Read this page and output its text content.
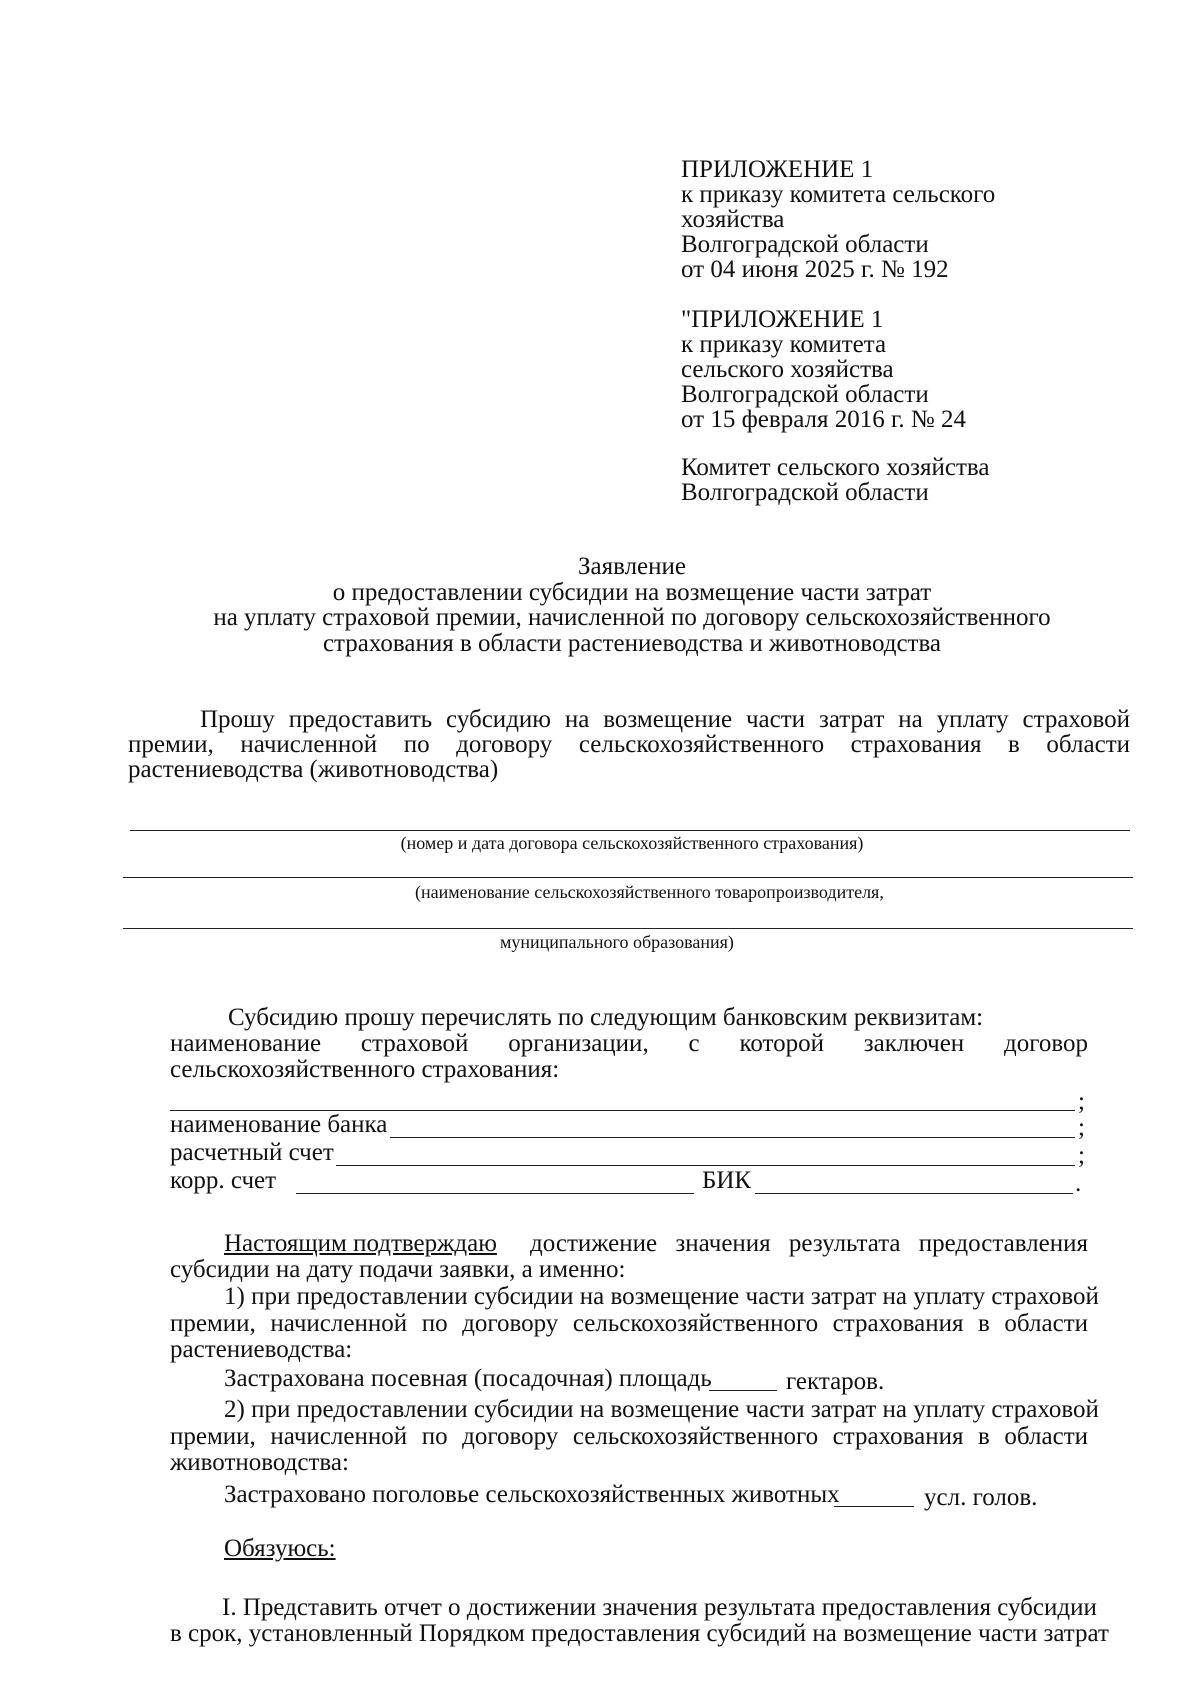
ПРИЛОЖЕНИЕ 1
к приказу комитета сельского
хозяйства
Волгоградской области
от 04 июня 2025 г. № 192
"ПРИЛОЖЕНИЕ 1
к приказу комитета
сельского хозяйства
Волгоградской области
от 15 февраля 2016 г. № 24
Комитет сельского хозяйства
Волгоградской области
Заявление
о предоставлении субсидии на возмещение части затрат
на уплату страховой премии, начисленной по договору сельскохозяйственного
страхования в области растениеводства и животноводства
Прошу предоставить субсидию на возмещение части затрат на уплату страховой
премии, начисленной по договору сельскохозяйственного страхования в области
растениеводства (животноводства)
(номер и дата договора сельскохозяйственного страхования)
(наименование сельскохозяйственного товаропроизводителя,
муниципального образования)
Субсидию прошу перечислять по следующим банковским реквизитам:
наименование страховой организации, с которой заключен договор
сельскохозяйственного страхования:
;
наименование банка	;
расчетный счет	;
корр. счет	БИК	.
Настоящим подтверждаю достижение значения результата предоставления
субсидии на дату подачи заявки, а именно:
1) при предоставлении субсидии на возмещение части затрат на уплату страховой
премии, начисленной по договору сельскохозяйственного страхования в области
растениеводства:
Застрахована посевная (посадочная) площадь	гектаров.
2) при предоставлении субсидии на возмещение части затрат на уплату страховой
премии, начисленной по договору сельскохозяйственного страхования в области
животноводства:
Застраховано поголовье сельскохозяйственных животных	усл. голов.
Обязуюсь:
I. Представить отчет о достижении значения результата предоставления субсидии
в срок, установленный Порядком предоставления субсидий на возмещение части затрат
